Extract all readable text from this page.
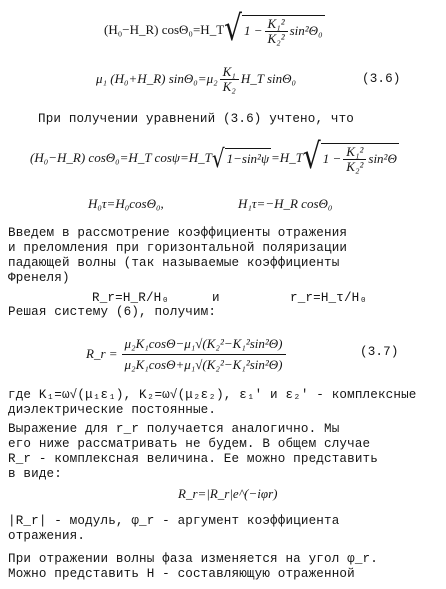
(H₀−H_R) cosΘ₀=H_T √ $1 - \frac{\text{K₁²}}{\text{K₂²}} \sin^2\Theta_0$
μ₁ (H₀+H_R) $\sin\Theta_0=\mu_2 \frac{\text{K₁}}{\text{K₂}}$ H_T sinΘ₀	(3.6)
При получении уравнений (3.6) учтено, что
(H₀−H_R) cosΘ₀=H_T cosψ=H_T √ 1−sin²ψ =H_T √ $1 - \frac{\text{K₁²}}{\text{K₂²}} \sin^2\Theta$
H₀τ=H₀cosΘ₀,	H₁τ=−H_R cosΘ₀
Введем в рассмотрение коэффициенты отражения
и преломления при горизонтальной поляризации
падающей волны (так называемые коэффициенты
Френеля)
R_r=H_R/H₀	и	r_r=H_τ/H₀
Решая систему (6), получим:
R_r = $\frac{\text{μ₂K₁cosΘ−μ₁√(K₂²−K₁²sin²Θ)}}{\text{μ₂K₁cosΘ+μ₁√(K₂²−K₁²sin²Θ)}}$	(3.7)
где K₁=ω√(μ₁ε₁), K₂=ω√(μ₂ε₂), ε₁′ и ε₂′ - комплексные
диэлектрические постоянные.
Выражение для r_r получается аналогично. Мы
его ниже рассматривать не будем. В общем случае
R_r - комплексная величина. Ее можно представить
в виде:
R_r=|R_r|e^(−iφr)
|R_r| - модуль, φ_r - аргумент коэффициента
отражения.
При отражении волны фаза изменяется на угол φ_r.
Можно представить H - составляющую отраженной
